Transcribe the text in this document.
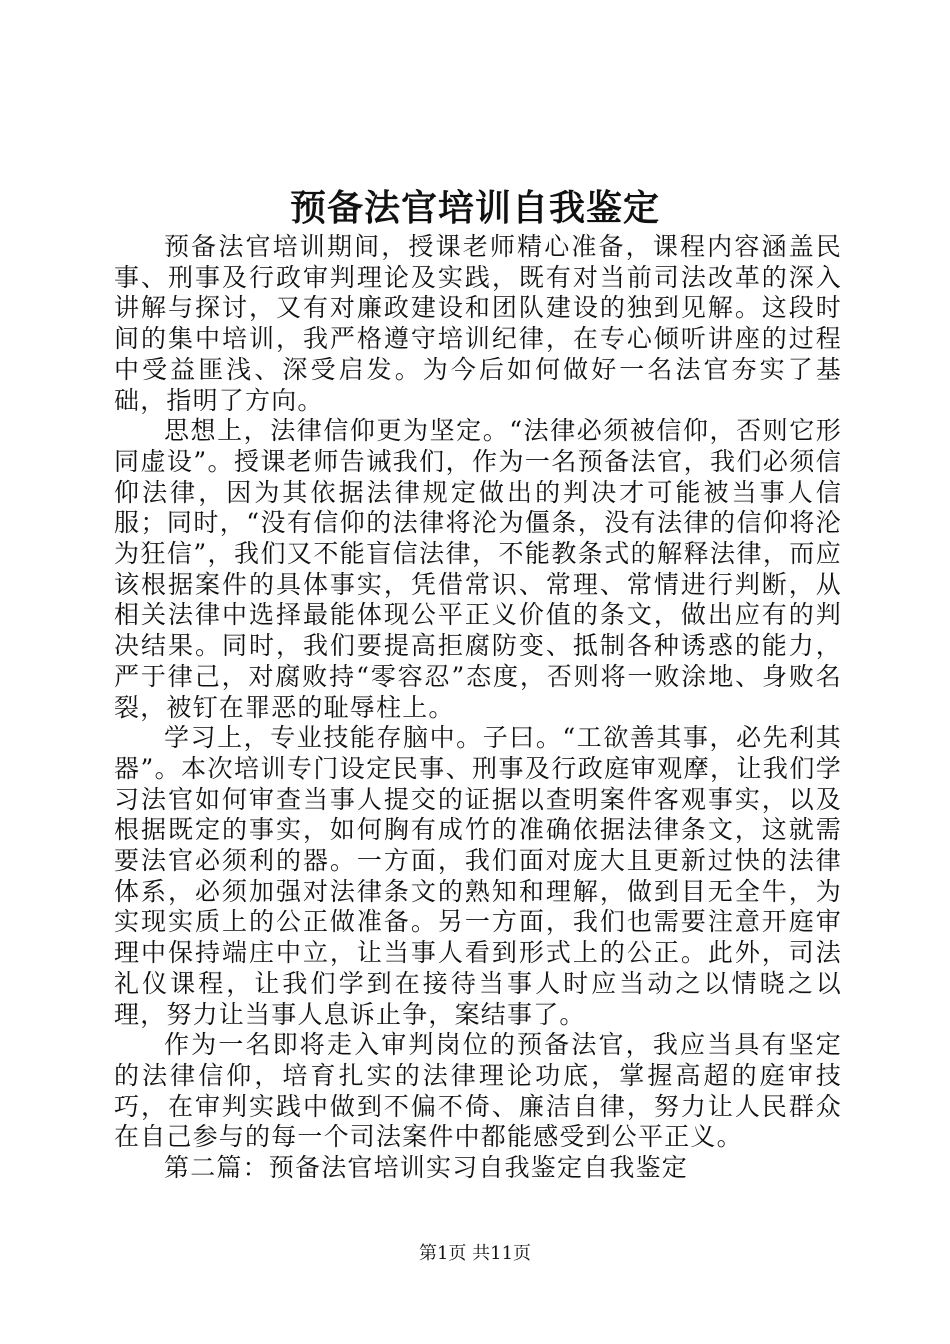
预备法官培训自我鉴定

预备法官培训期间，授课老师精心准备，课程内容涵盖民事、刑事及行政审判理论及实践，既有对当前司法改革的深入讲解与探讨，又有对廉政建设和团队建设的独到见解。这段时间的集中培训，我严格遵守培训纪律，在专心倾听讲座的过程中受益匪浅、深受启发。为今后如何做好一名法官夯实了基础，指明了方向。

思想上，法律信仰更为坚定。“法律必须被信仰，否则它形同虚设”。授课老师告诫我们，作为一名预备法官，我们必须信仰法律，因为其依据法律规定做出的判决才可能被当事人信服；同时，“没有信仰的法律将沦为僵条，没有法律的信仰将沦为狂信”，我们又不能盲信法律，不能教条式的解释法律，而应该根据案件的具体事实，凭借常识、常理、常情进行判断，从相关法律中选择最能体现公平正义价值的条文，做出应有的判决结果。同时，我们要提高拒腐防变、抵制各种诱惑的能力，严于律己，对腐败持“零容忍”态度，否则将一败涂地、身败名裂，被钉在罪恶的耻辱柱上。

学习上，专业技能存脑中。子曰。“工欲善其事，必先利其器”。本次培训专门设定民事、刑事及行政庭审观摩，让我们学习法官如何审查当事人提交的证据以查明案件客观事实，以及根据既定的事实，如何胸有成竹的准确依据法律条文，这就需要法官必须利的器。一方面，我们面对庞大且更新过快的法律体系，必须加强对法律条文的熟知和理解，做到目无全牛，为实现实质上的公正做准备。另一方面，我们也需要注意开庭审理中保持端庄中立，让当事人看到形式上的公正。此外，司法礼仪课程，让我们学到在接待当事人时应当动之以情晓之以理，努力让当事人息诉止争，案结事了。

作为一名即将走入审判岗位的预备法官，我应当具有坚定的法律信仰，培育扎实的法律理论功底，掌握高超的庭审技巧，在审判实践中做到不偏不倚、廉洁自律，努力让人民群众在自己参与的每一个司法案件中都能感受到公平正义。

第二篇：预备法官培训实习自我鉴定自我鉴定

第1页 共11页
